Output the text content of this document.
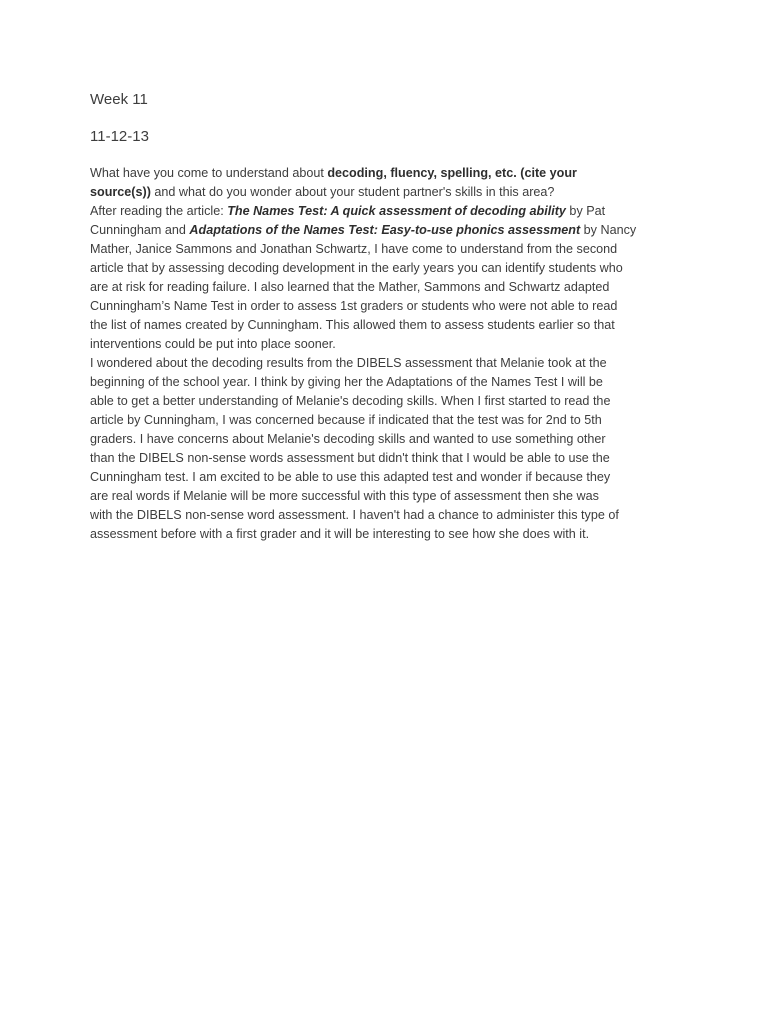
Week 11

11-12-13

What have you come to understand about decoding, fluency, spelling, etc. (cite your
source(s)) and what do you wonder about your student partner's skills in this area?

After reading the article: The Names Test: A quick assessment of decoding ability by Pat
Cunningham and Adaptations of the Names Test: Easy-to-use phonics assessment by Nancy
Mather, Janice Sammons and Jonathan Schwartz, I have come to understand from the second
article that by assessing decoding development in the early years you can identify students who
are at risk for reading failure. I also learned that the Mather, Sammons and Schwartz adapted
Cunningham’s Name Test in order to assess 1st graders or students who were not able to read
the list of names created by Cunningham. This allowed them to assess students earlier so that
interventions could be put into place sooner.

I wondered about the decoding results from the DIBELS assessment that Melanie took at the
beginning of the school year. I think by giving her the Adaptations of the Names Test I will be
able to get a better understanding of Melanie's decoding skills. When I first started to read the
article by Cunningham, I was concerned because if indicated that the test was for 2nd to 5th
graders. I have concerns about Melanie's decoding skills and wanted to use something other
than the DIBELS non-sense words assessment but didn't think that I would be able to use the
Cunningham test. I am excited to be able to use this adapted test and wonder if because they
are real words if Melanie will be more successful with this type of assessment then she was
with the DIBELS non-sense word assessment. I haven't had a chance to administer this type of
assessment before with a first grader and it will be interesting to see how she does with it.
